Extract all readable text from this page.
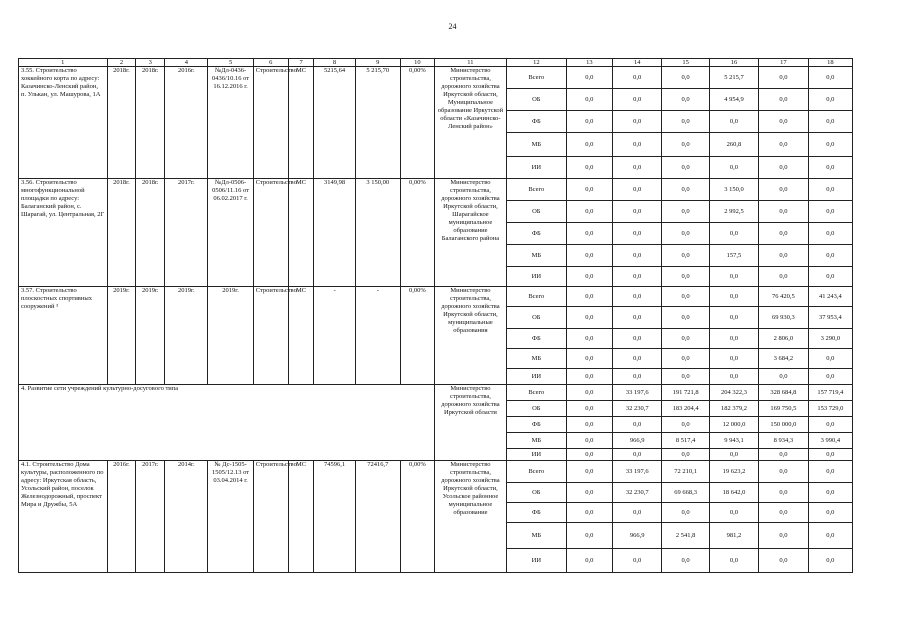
24
1	2	3	4	5	6	7	8	9	10	11	12	13	14	15	16	17	18
3.55. Строительство хоккейного корта по адресу: Казачинско-Ленский район, п. Улькан, ул. Машурова, 1А	2018г.	2018г.	2016г.	№Дл-0436-0436/10.16 от 16.12.2016 г.	Строительство	МС	5215,64	5 215,70	0,00%	Министерство строительства, дорожного хозяйства Иркутской области, Муниципальное образование Иркутской области «Казачинско-Ленский район»	Всего	0,0	0,0	0,0	5 215,7	0,0	0,0
											ОБ	0,0	0,0	0,0	4 954,9	0,0	0,0
											ФБ	0,0	0,0	0,0	0,0	0,0	0,0
											МБ	0,0	0,0	0,0	260,8	0,0	0,0
											ИИ	0,0	0,0	0,0	0,0	0,0	0,0
3.56. Строительство многофункциональной площадки по адресу: Балаганский район, с. Шарагай, ул. Центральная, 2Г	2018г.	2018г.	2017г.	№Дл-0506-0506/11.16 от 06.02.2017 г.	Строительство	МС	3149,98	3 150,00	0,00%	Министерство строительства, дорожного хозяйства Иркутской области, Шарагайское муниципальное образование Балаганского района	Всего	0,0	0,0	0,0	3 150,0	0,0	0,0
											ОБ	0,0	0,0	0,0	2 992,5	0,0	0,0
											ФБ	0,0	0,0	0,0	0,0	0,0	0,0
											МБ	0,0	0,0	0,0	157,5	0,0	0,0
											ИИ	0,0	0,0	0,0	0,0	0,0	0,0
3.57. Строительство плоскостных спортивных сооружений ³	2019г.	2019г.	2019г.	2019г.	Строительство	МС	-	-	0,00%	Министерство строительства, дорожного хозяйства Иркутской области, муниципальные образования	Всего	0,0	0,0	0,0	0,0	76 420,5	41 243,4
											ОБ	0,0	0,0	0,0	0,0	69 930,3	37 953,4
											ФБ	0,0	0,0	0,0	0,0	2 806,0	3 290,0
											МБ	0,0	0,0	0,0	0,0	3 684,2	0,0
											ИИ	0,0	0,0	0,0	0,0	0,0	0,0
4. Развитие сети учреждений культурно-досугового типа										Министерство строительства, дорожного хозяйства Иркутской области	Всего	0,0	33 197,6	191 721,8	204 322,3	328 684,8	157 719,4
											ОБ	0,0	32 230,7	183 204,4	182 379,2	169 750,5	153 729,0
											ФБ	0,0	0,0	0,0	12 000,0	150 000,0	0,0
											МБ	0,0	966,9	8 517,4	9 943,1	8 934,3	3 990,4
											ИИ	0,0	0,0	0,0	0,0	0,0	0,0
4.1. Строительство Дома культуры, расположенного по адресу: Иркутская область, Усольский район, поселок Железнодорожный, проспект Мира и Дружбы, 5А	2016г.	2017г.	2014г.	№ Дс-1505-1505/12.13 от 03.04.2014 г.	Строительство	МС	74596,1	72416,7	0,00%	Министерство строительства, дорожного хозяйства Иркутской области, Усольское районное муниципальное образование	Всего	0,0	33 197,6	72 210,1	19 623,2	0,0	0,0
											ОБ	0,0	32 230,7	69 668,3	18 642,0	0,0	0,0
											ФБ	0,0	0,0	0,0	0,0	0,0	0,0
											МБ	0,0	966,9	2 541,8	981,2	0,0	0,0
											ИИ	0,0	0,0	0,0	0,0	0,0	0,0
